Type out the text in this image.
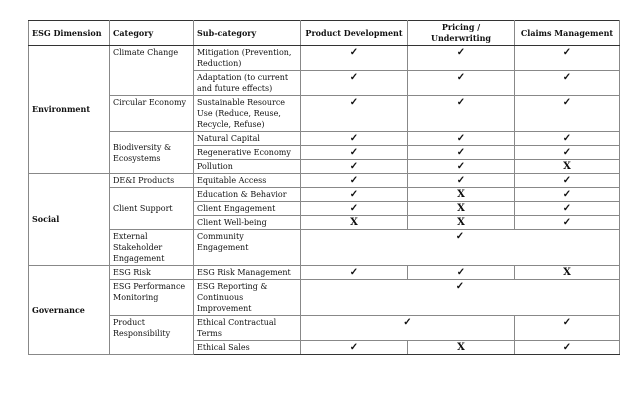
ESG Dimension	Category	Sub-category	Product Development	Pricing / Underwriting	Claims Management
Environment	Climate Change	Mitigation (Prevention, Reduction)	✓	✓	✓
		Adaptation (to current and future effects)	✓	✓	✓
	Circular Economy	Sustainable Resource Use (Reduce, Reuse, Recycle, Refuse)	✓	✓	✓
	Biodiversity & Ecosystems	Natural Capital	✓	✓	✓
		Regenerative Economy	✓	✓	✓
		Pollution	✓	✓	X
Social	DE&I Products	Equitable Access	✓	✓	✓
	Client Support	Education & Behavior	✓	X	✓
		Client Engagement	✓	X	✓
		Client Well-being	X	X	✓
	External Stakeholder Engagement	Community Engagement	✓		
Governance	ESG Risk	ESG Risk Management	✓	✓	X
	ESG Performance Monitoring	ESG Reporting & Continuous Improvement	✓		
	Product Responsibility	Ethical Contractual Terms	✓		✓
		Ethical Sales	✓	X	✓
